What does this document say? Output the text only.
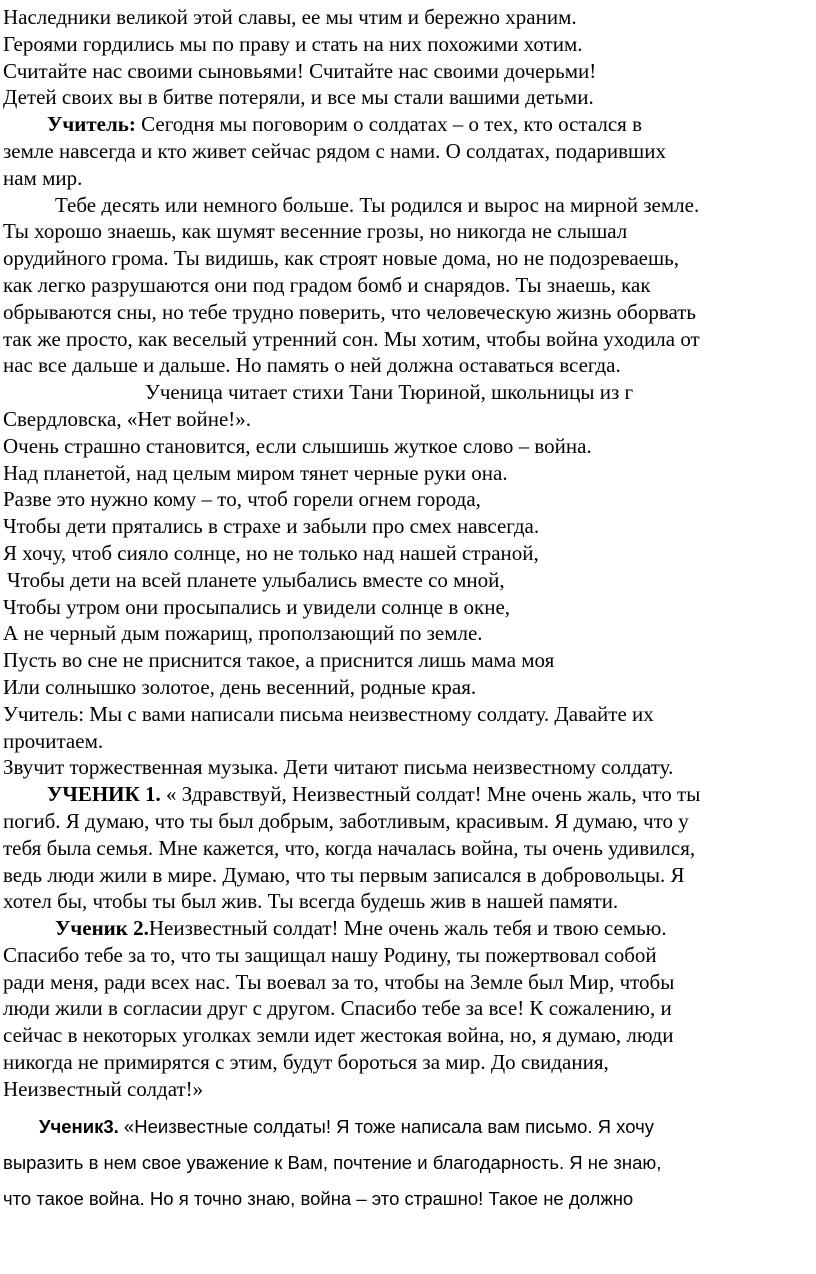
Наследники великой этой славы, ее мы чтим и бережно храним.
Героями гордились мы по праву и стать на них похожими хотим.
Считайте нас своими сыновьями! Считайте нас своими дочерьми!
Детей своих вы в битве потеряли, и все мы стали вашими детьми.
Учитель: Сегодня мы поговорим о солдатах – о тех, кто остался в
земле навсегда и кто живет сейчас рядом с нами. О солдатах, подаривших
нам мир.
Тебе десять или немного больше. Ты родился и вырос на мирной земле.
Ты хорошо знаешь, как шумят весенние грозы, но никогда не слышал
орудийного грома. Ты видишь, как строят новые дома, но не подозреваешь,
как легко разрушаются они под градом бомб и снарядов. Ты знаешь, как
обрываются сны, но тебе трудно поверить, что человеческую жизнь оборвать
так же просто, как веселый утренний сон. Мы хотим, чтобы война уходила от
нас все дальше и дальше. Но память о ней должна оставаться всегда.
Ученица читает стихи Тани Тюриной, школьницы из г
Свердловска, «Нет войне!».
Очень страшно становится, если слышишь жуткое слово – война.
Над планетой, над целым миром тянет черные руки она.
Разве это нужно кому – то, чтоб горели огнем города,
Чтобы дети прятались в страхе и забыли про смех навсегда.
Я хочу, чтоб сияло солнце, но не только над нашей страной,
Чтобы дети на всей планете улыбались вместе со мной,
Чтобы утром они просыпались и увидели солнце в окне,
А не черный дым пожарищ, проползающий по земле.
Пусть во сне не приснится такое, а приснится лишь мама моя
Или солнышко золотое, день весенний, родные края.
Учитель: Мы с вами написали письма неизвестному солдату. Давайте их
прочитаем.
Звучит торжественная музыка. Дети читают письма неизвестному солдату.
УЧЕНИК 1. « Здравствуй, Неизвестный солдат! Мне очень жаль, что ты
погиб. Я думаю, что ты был добрым, заботливым, красивым. Я думаю, что у
тебя была семья. Мне кажется, что, когда началась война, ты очень удивился,
ведь люди жили в мире. Думаю, что ты первым записался в добровольцы. Я
хотел бы, чтобы ты был жив. Ты всегда будешь жив в нашей памяти.
Ученик 2.Неизвестный солдат! Мне очень жаль тебя и твою семью.
Спасибо тебе за то, что ты защищал нашу Родину, ты пожертвовал собой
ради меня, ради всех нас. Ты воевал за то, чтобы на Земле был Мир, чтобы
люди жили в согласии друг с другом. Спасибо тебе за все! К сожалению, и
сейчас в некоторых уголках земли идет жестокая война, но, я думаю, люди
никогда не примирятся с этим, будут бороться за мир. До свидания,
Неизвестный солдат!»
Ученик3. «Неизвестные солдаты! Я тоже написала вам письмо. Я хочу
выразить в нем свое уважение к Вам, почтение и благодарность. Я не знаю,
что такое война. Но я точно знаю, война – это страшно! Такое не должно
